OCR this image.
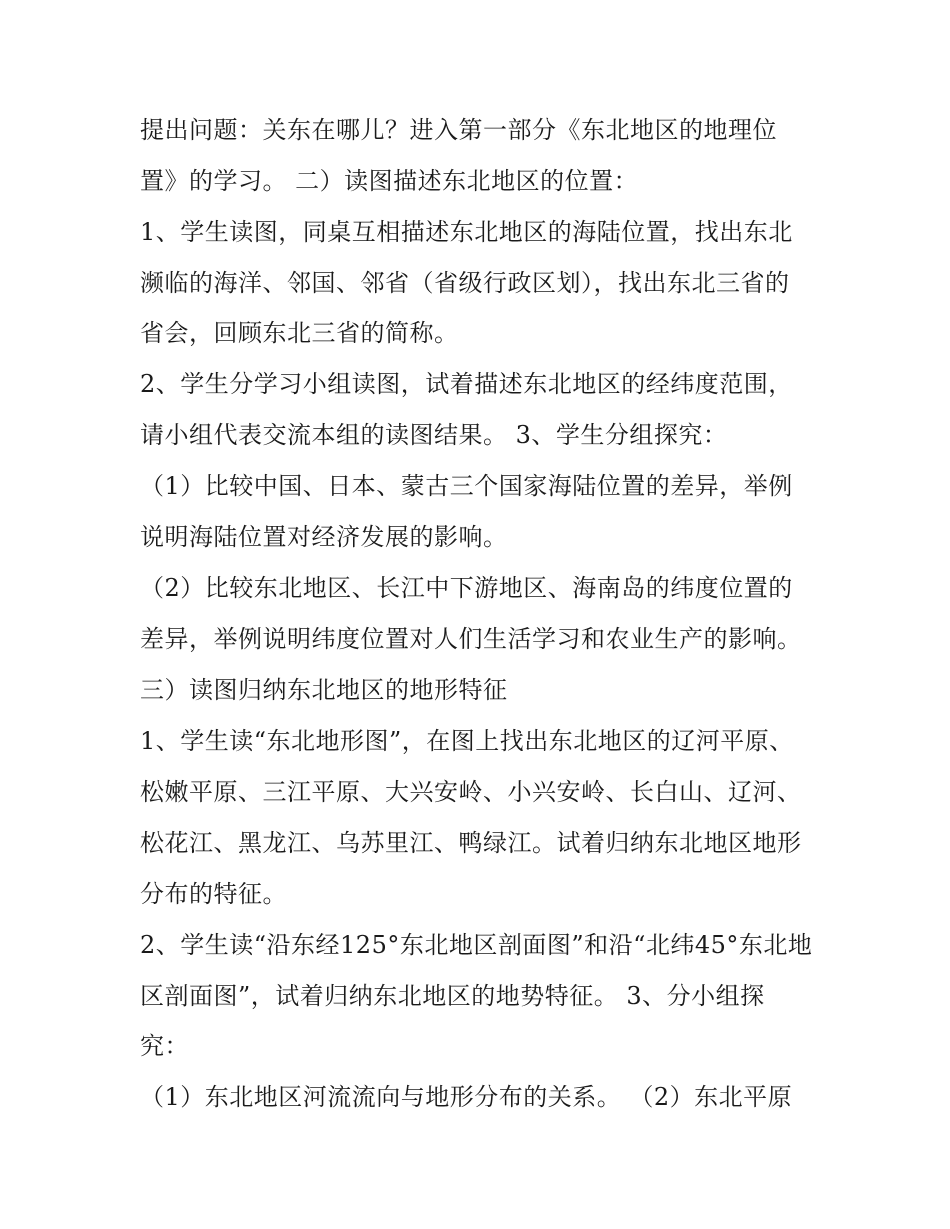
提出问题：关东在哪儿？进入第一部分《东北地区的地理位
置》的学习。 二）读图描述东北地区的位置：
1、学生读图，同桌互相描述东北地区的海陆位置，找出东北
濒临的海洋、邻国、邻省（省级行政区划），找出东北三省的
省会，回顾东北三省的简称。
2、学生分学习小组读图，试着描述东北地区的经纬度范围，
请小组代表交流本组的读图结果。 3、学生分组探究：
（1）比较中国、日本、蒙古三个国家海陆位置的差异，举例
说明海陆位置对经济发展的影响。
（2）比较东北地区、长江中下游地区、海南岛的纬度位置的
差异，举例说明纬度位置对人们生活学习和农业生产的影响。
三）读图归纳东北地区的地形特征
1、学生读“东北地形图”，在图上找出东北地区的辽河平原、
松嫩平原、三江平原、大兴安岭、小兴安岭、长白山、辽河、
松花江、黑龙江、乌苏里江、鸭绿江。试着归纳东北地区地形
分布的特征。
2、学生读“沿东经125°东北地区剖面图”和沿“北纬45°东北地
区剖面图”，试着归纳东北地区的地势特征。 3、分小组探
究：
（1）东北地区河流流向与地形分布的关系。 （2）东北平原
